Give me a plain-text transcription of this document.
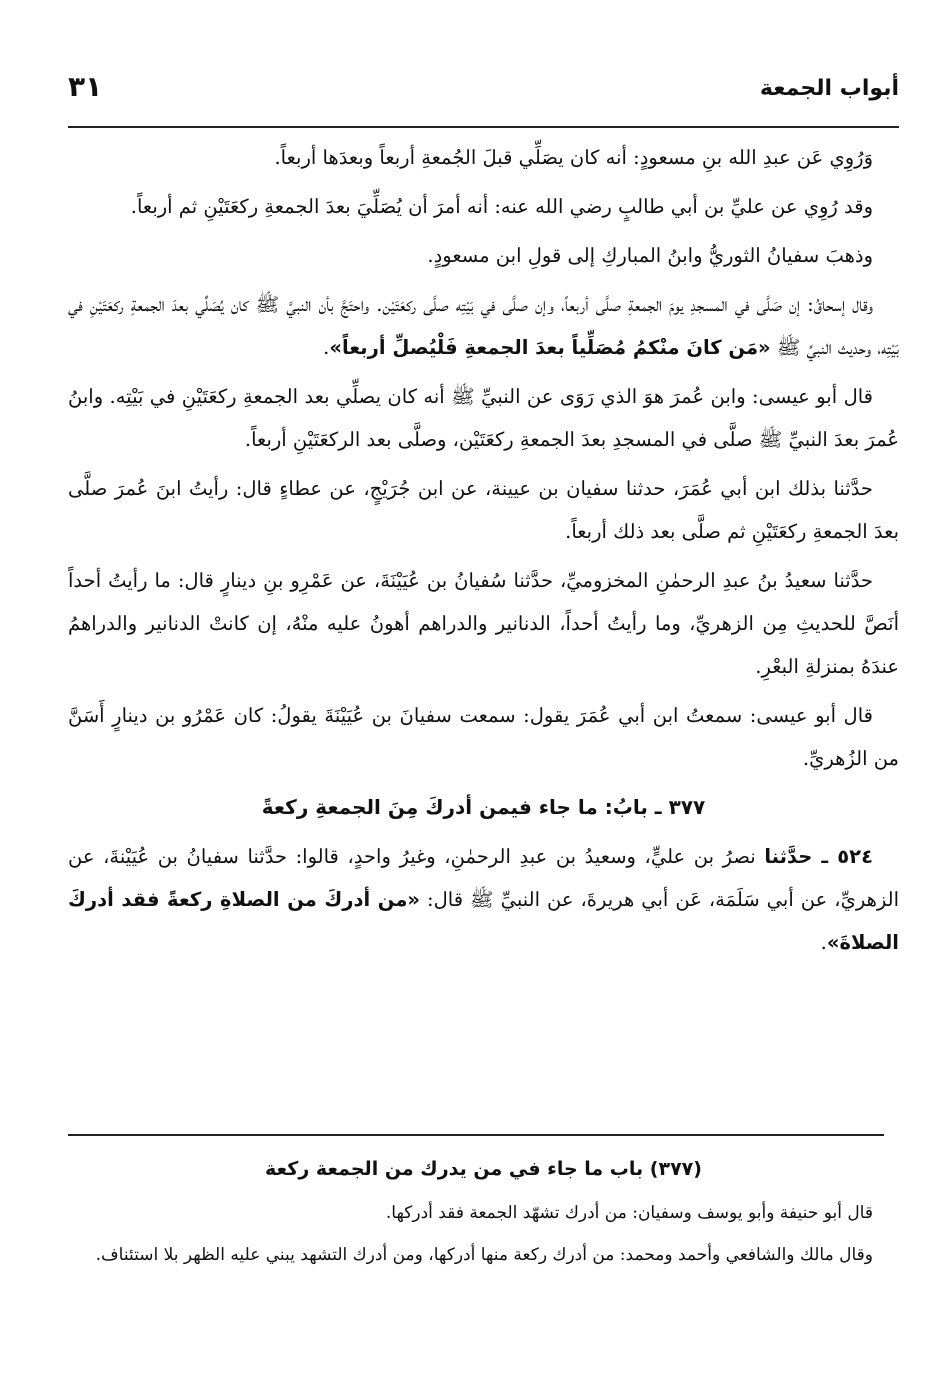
أبواب الجمعة
٣١

وَرُوِي عَن عبدِ الله بنِ مسعودٍ: أنه كان يصَلِّي قبلَ الجُمعةِ أربعاً وبعدَها أربعاً.

وقد رُوِي عن عليِّ بن أبي طالبٍ رضي الله عنه: أنه أمرَ أن يُصَلِّيَ بعدَ الجمعةِ ركعَتَيْنِ ثم أربعاً.

وذهبَ سفيانُ الثوريُّ وابنُ المباركِ إلى قولِ ابن مسعودٍ.

وقال إسحاقُ: إن صَلَّى في المسجدِ يومَ الجمعةِ صلَّى أربعاً، وإن صلَّى في بَيْتِه صلَّى ركعَتَيْن. واحتَجَّ بأن النبيَّ ﷺ كان يُصَلِّي بعدَ الجمعةِ ركعَتَيْنِ في بَيْتِه، وحديث النبيِّ ﷺ «مَن كانَ منْكمُ مُصَلِّياً بعدَ الجمعةِ فَلْيُصلِّ أربعاً».

قال أبو عيسى: وابن عُمرَ هوَ الذي رَوَى عن النبيِّ ﷺ أنه كان يصلِّي بعد الجمعةِ ركعَتَيْنِ في بَيْتِه. وابنُ عُمرَ بعدَ النبيِّ ﷺ صلَّى في المسجدِ بعدَ الجمعةِ ركعَتَيْن، وصلَّى بعد الركعَتَيْنِ أربعاً.

حدَّثنا بذلك ابن أبي عُمَرَ، حدثنا سفيان بن عيينة، عن ابن جُرَيْجٍ، عن عطاءٍ قال: رأيتُ ابنَ عُمرَ صلَّى بعدَ الجمعةِ ركعَتَيْنِ ثم صلَّى بعد ذلك أربعاً.

حدَّثنا سعيدُ بنُ عبدِ الرحمٰنِ المخزوميِّ، حدَّثنا سُفيانُ بن عُيَيْنَةَ، عن عَمْرِو بنِ دينارٍ قال: ما رأيتُ أحداً أنَصَّ للحديثِ مِن الزهريِّ، وما رأيتُ أحداً، الدنانير والدراهم أهونُ عليه منْهُ، إن كانتْ الدنانير والدراهمُ عندَهُ بمنزلةِ البعْرِ.

قال أبو عيسى: سمعتُ ابن أبي عُمَرَ يقول: سمعت سفيانَ بن عُيَيْنَةَ يقولُ: كان عَمْرُو بن دينارٍ أَسَنَّ من الزُهريِّ.

٣٧٧ ـ بابُ: ما جاء فيمن أدركَ مِنَ الجمعةِ ركعةً

٥٢٤ ـ حدَّثنا نصرُ بن عليٍّ، وسعيدُ بن عبدِ الرحمٰنِ، وغيرُ واحدٍ، قالوا: حدَّثنا سفيانُ بن عُيَيْنةَ، عن الزهريِّ، عن أبي سَلَمَة، عَن أبي هريرةَ، عن النبيِّ ﷺ قال: «من أدركَ من الصلاةِ ركعةً فقد أدركَ الصلاةَ».

(٣٧٧) باب ما جاء في من يدرك من الجمعة ركعة

قال أبو حنيفة وأبو يوسف وسفيان: من أدرك تشهّد الجمعة فقد أدركها.

وقال مالك والشافعي وأحمد ومحمد: من أدرك ركعة منها أدركها، ومن أدرك التشهد يبني عليه الظهر بلا استئناف.
